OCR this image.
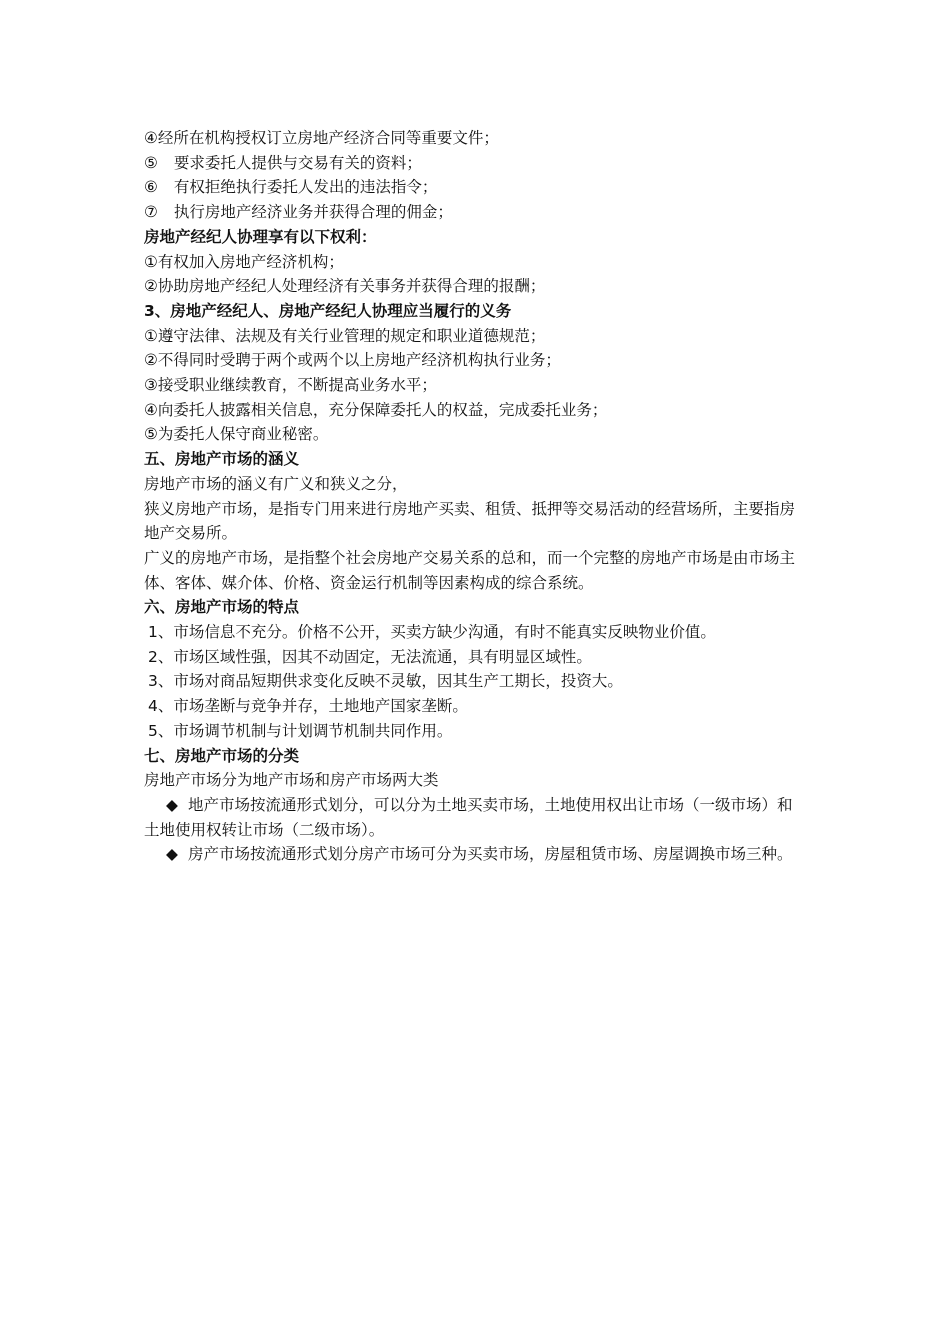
④经所在机构授权订立房地产经济合同等重要文件；
⑤ 要求委托人提供与交易有关的资料；
⑥ 有权拒绝执行委托人发出的违法指令；
⑦ 执行房地产经济业务并获得合理的佣金；
房地产经纪人协理享有以下权利：
①有权加入房地产经济机构；
②协助房地产经纪人处理经济有关事务并获得合理的报酬；
3、房地产经纪人、房地产经纪人协理应当履行的义务
①遵守法律、法规及有关行业管理的规定和职业道德规范；
②不得同时受聘于两个或两个以上房地产经济机构执行业务；
③接受职业继续教育，不断提高业务水平；
④向委托人披露相关信息，充分保障委托人的权益，完成委托业务；
⑤为委托人保守商业秘密。
五、房地产市场的涵义
房地产市场的涵义有广义和狭义之分，
狭义房地产市场，是指专门用来进行房地产买卖、租赁、抵押等交易活动的经营场所，主要指房地产交易所。
广义的房地产市场，是指整个社会房地产交易关系的总和，而一个完整的房地产市场是由市场主体、客体、媒介体、价格、资金运行机制等因素构成的综合系统。
六、房地产市场的特点
1、市场信息不充分。价格不公开，买卖方缺少沟通，有时不能真实反映物业价值。
2、市场区域性强，因其不动固定，无法流通，具有明显区域性。
3、市场对商品短期供求变化反映不灵敏，因其生产工期长，投资大。
4、市场垄断与竞争并存，土地地产国家垄断。
5、市场调节机制与计划调节机制共同作用。
七、房地产市场的分类
房地产市场分为地产市场和房产市场两大类
◆ 地产市场按流通形式划分，可以分为土地买卖市场，土地使用权出让市场（一级市场）和土地使用权转让市场（二级市场）。
◆ 房产市场按流通形式划分房产市场可分为买卖市场，房屋租赁市场、房屋调换市场三种。
